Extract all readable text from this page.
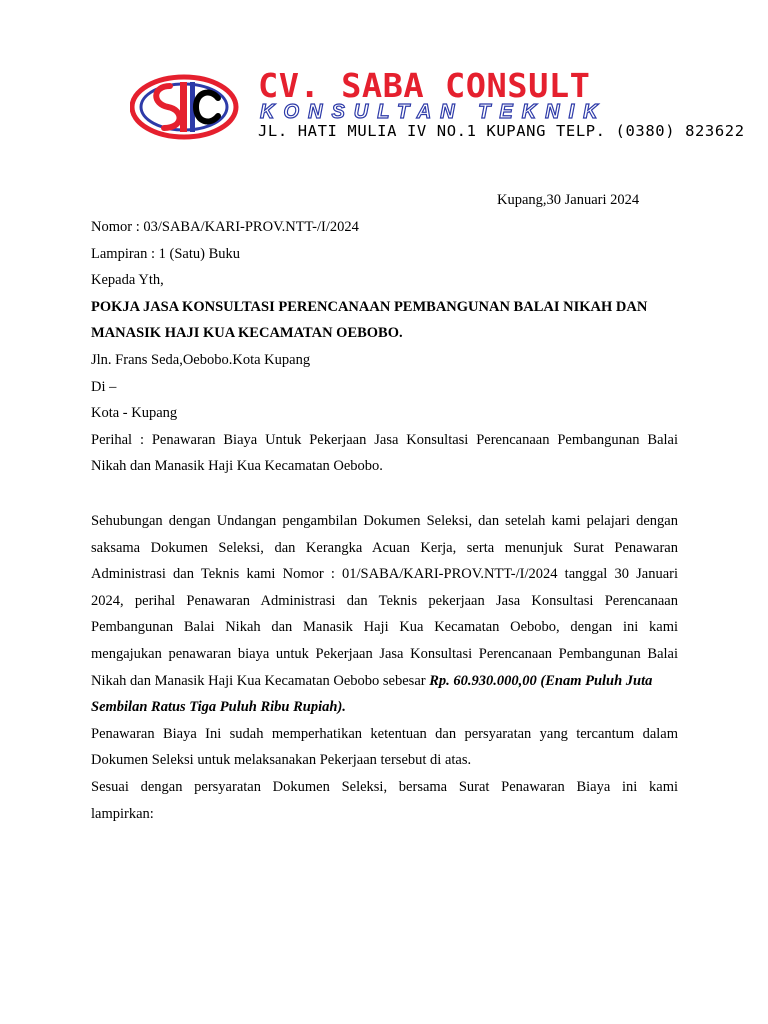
CV. SABA CONSULT
KONSULTAN TEKNIK
JL. HATI MULIA IV NO.1 KUPANG TELP. (0380) 823622
Kupang,30 Januari 2024
Nomor : 03/SABA/KARI-PROV.NTT-/I/2024
Lampiran : 1 (Satu) Buku
Kepada Yth,
POKJA JASA KONSULTASI PERENCANAAN PEMBANGUNAN BALAI NIKAH DAN
MANASIK HAJI KUA KECAMATAN OEBOBO.
Jln. Frans Seda,Oebobo.Kota Kupang
Di –
Kota - Kupang
Perihal : Penawaran Biaya Untuk Pekerjaan Jasa Konsultasi Perencanaan Pembangunan Balai
Nikah dan Manasik Haji Kua Kecamatan Oebobo.
Sehubungan dengan Undangan pengambilan Dokumen Seleksi, dan setelah kami pelajari dengan
saksama Dokumen Seleksi, dan Kerangka Acuan Kerja, serta menunjuk Surat Penawaran
Administrasi dan Teknis kami Nomor : 01/SABA/KARI-PROV.NTT-/I/2024 tanggal 30 Januari
2024, perihal Penawaran Administrasi dan Teknis pekerjaan Jasa Konsultasi Perencanaan
Pembangunan Balai Nikah dan Manasik Haji Kua Kecamatan Oebobo, dengan ini kami
mengajukan penawaran biaya untuk Pekerjaan Jasa Konsultasi Perencanaan Pembangunan Balai
Nikah dan Manasik Haji Kua Kecamatan Oebobo sebesar Rp. 60.930.000,00 (Enam Puluh Juta
Sembilan Ratus Tiga Puluh Ribu Rupiah).
Penawaran Biaya Ini sudah memperhatikan ketentuan dan persyaratan yang tercantum dalam
Dokumen Seleksi untuk melaksanakan Pekerjaan tersebut di atas.
Sesuai dengan persyaratan Dokumen Seleksi, bersama Surat Penawaran Biaya ini kami
lampirkan:
